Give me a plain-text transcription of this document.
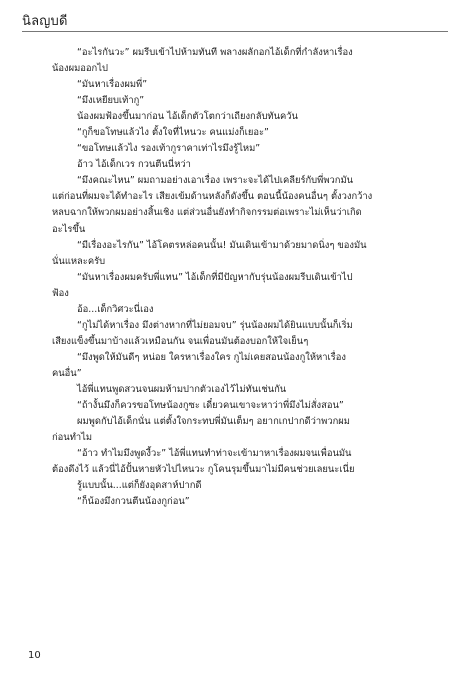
นิลญบดี

“อะไรกันวะ” ผมรีบเข้าไปห้ามทันที พลางผลักอกไอ้เด็กที่กำลังหาเรื่อง

น้องผมออกไป

“มันหาเรื่องผมพี่”

“มึงเหยียบเท้ากู”

น้องผมฟ้องขึ้นมาก่อน ไอ้เด็กตัวโตกว่าเถียงกลับทันควัน

“กูก็ขอโทษแล้วไง ตั้งใจที่ไหนวะ คนแม่งก็เยอะ”

“ขอโทษแล้วไง รองเท้ากูราคาเท่าไรมึงรู้ไหม”

อ้าว ไอ้เด็กเวร กวนตีนนี่หว่า

“มึงคณะไหน” ผมถามอย่างเอาเรื่อง เพราะจะได้ไปเคลียร์กับพี่พวกมัน

แต่ก่อนที่ผมจะได้ทำอะไร เสียงเข้มด้านหลังก็ดังขึ้น ตอนนี้น้องคนอื่นๆ ตั้งวงกว้าง

หลบฉากให้พวกผมอย่างสิ้นเชิง แต่ส่วนอื่นยังทำกิจกรรมต่อเพราะไม่เห็นว่าเกิด

อะไรขึ้น

“มีเรื่องอะไรกัน” ไอ้โคตรหล่อคนนั้น! มันเดินเข้ามาด้วยมาดนิ่งๆ ของมัน

นั่นแหละครับ

“มันหาเรื่องผมครับพี่แทน” ไอ้เด็กที่มีปัญหากับรุ่นน้องผมรีบเดินเข้าไป

ฟ้อง

อ้อ...เด็กวิศวะนี่เอง

“กูไม่ได้หาเรื่อง มึงต่างหากที่ไม่ยอมจบ” รุ่นน้องผมได้ยินแบบนั้นก็เริ่ม

เสียงแข็งขึ้นมาบ้างแล้วเหมือนกัน จนเพื่อนมันต้องบอกให้ใจเย็นๆ

“มึงพูดให้มันดีๆ หน่อย ใครหาเรื่องใคร กูไม่เคยสอนน้องกูให้หาเรื่อง

คนอื่น”

ไอ้พี่แทนพูดสวนจนผมห้ามปากตัวเองไว้ไม่ทันเช่นกัน

“ถ้างั้นมึงก็ควรขอโทษน้องกูซะ เดี๋ยวคนเขาจะหาว่าพี่มึงไม่สั่งสอน”

ผมพูดกับไอ้เด็กนั่น แต่ตั้งใจกระทบพี่มันเต็มๆ อยากเกปากดีว่าพวกผม

ก่อนทำไม

“อ้าว ทำไมมึงพูดงี้วะ” ไอ้พี่แทนทำท่าจะเข้ามาหาเรื่องผมจนเพื่อนมัน

ต้องดึงไว้ แล้วนี่ไอ้ปั้นหายหัวไปไหนวะ กูโคนรุมขึ้นมาไม่มีคนช่วยเลยนะเนี่ย

รู้แบบนั้น...แต่ก็ยังอุดสาห์ปากดี

“ก็น้องมึงกวนตีนน้องกูก่อน”

10
